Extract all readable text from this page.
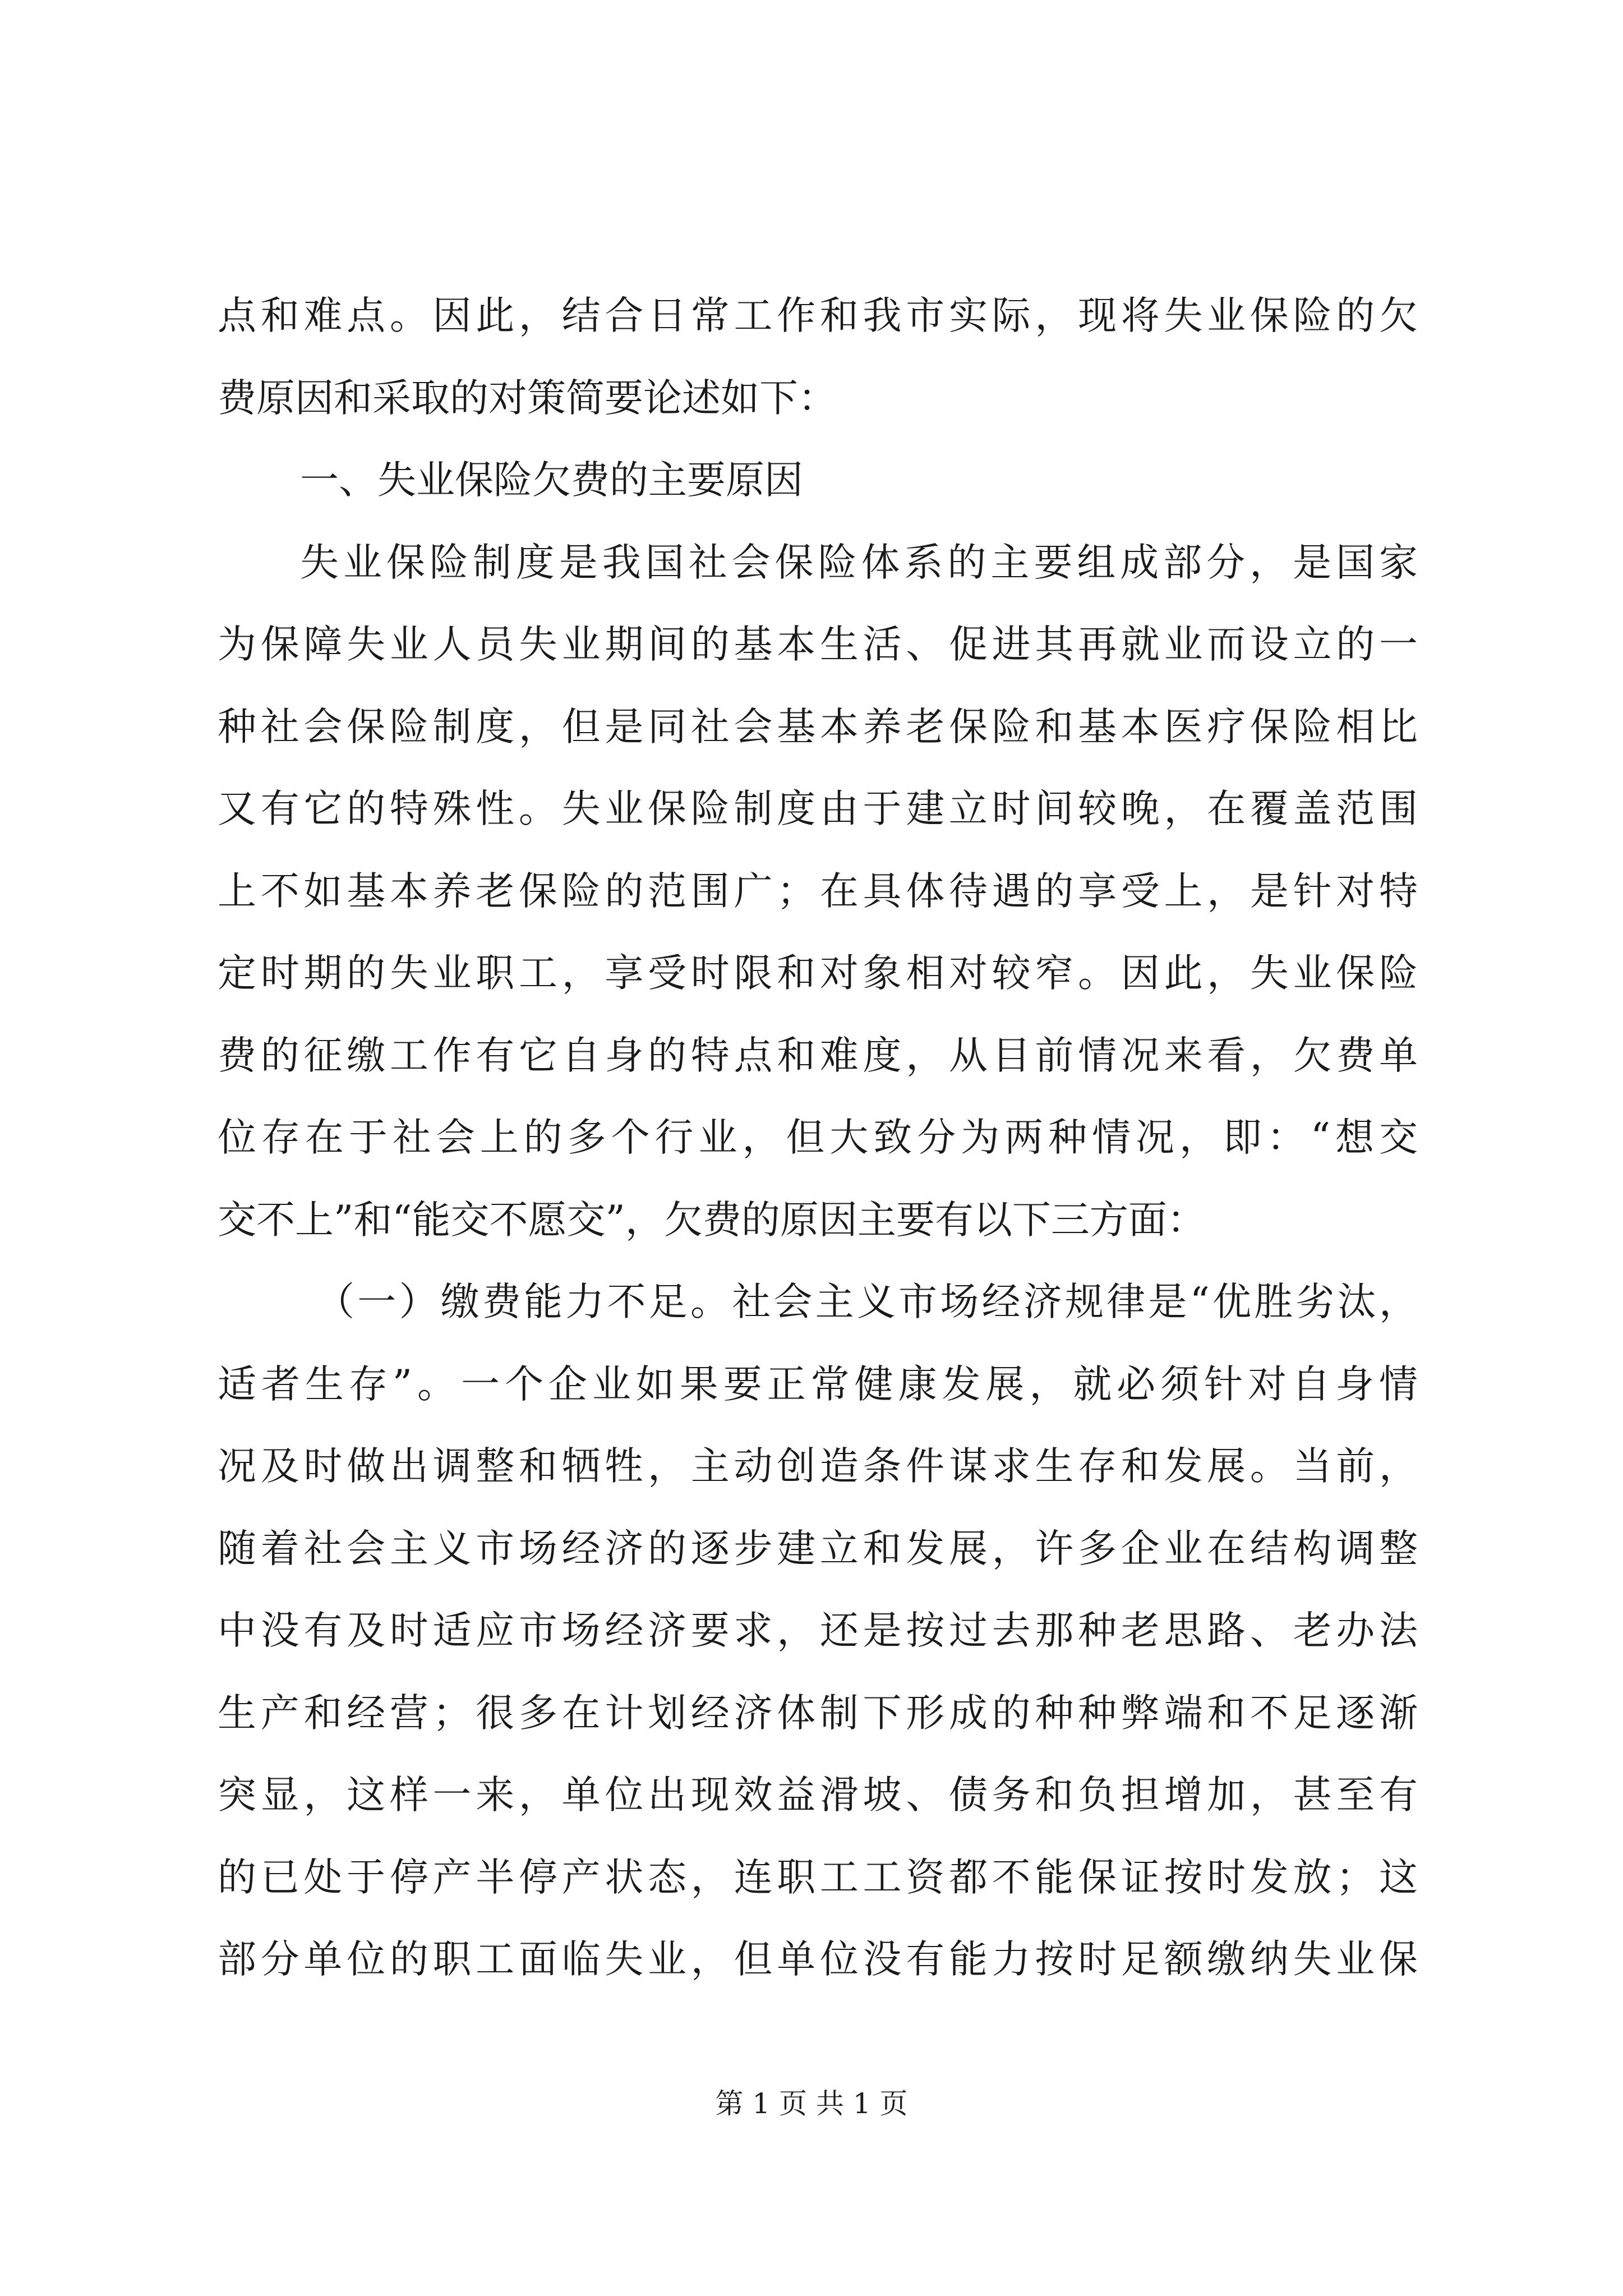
点和难点。因此，结合日常工作和我市实际，现将失业保险的欠
费原因和采取的对策简要论述如下：
一、失业保险欠费的主要原因
失业保险制度是我国社会保险体系的主要组成部分，是国家
为保障失业人员失业期间的基本生活、促进其再就业而设立的一
种社会保险制度，但是同社会基本养老保险和基本医疗保险相比
又有它的特殊性。失业保险制度由于建立时间较晚，在覆盖范围
上不如基本养老保险的范围广；在具体待遇的享受上，是针对特
定时期的失业职工，享受时限和对象相对较窄。因此，失业保险
费的征缴工作有它自身的特点和难度，从目前情况来看，欠费单
位存在于社会上的多个行业，但大致分为两种情况，即：“想交
交不上”和“能交不愿交”，欠费的原因主要有以下三方面：
（一）缴费能力不足。社会主义市场经济规律是“优胜劣汰，
适者生存”。一个企业如果要正常健康发展，就必须针对自身情
况及时做出调整和牺牲，主动创造条件谋求生存和发展。当前，
随着社会主义市场经济的逐步建立和发展，许多企业在结构调整
中没有及时适应市场经济要求，还是按过去那种老思路、老办法
生产和经营；很多在计划经济体制下形成的种种弊端和不足逐渐
突显，这样一来，单位出现效益滑坡、债务和负担增加，甚至有
的已处于停产半停产状态，连职工工资都不能保证按时发放；这
部分单位的职工面临失业，但单位没有能力按时足额缴纳失业保
第 1 页 共 1 页
